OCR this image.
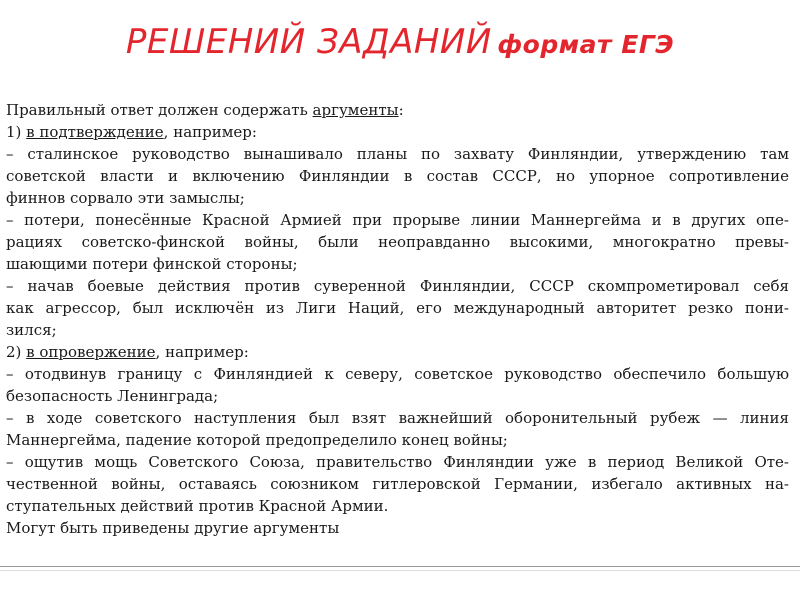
РЕШЕНИЙ ЗАДАНИЙ формат ЕГЭ
Правильный ответ должен содержать аргументы:
1) в подтверждение, например:
– сталинское руководство вынашивало планы по захвату Финляндии, утверждению там
советской власти и включению Финляндии в состав СССР, но упорное сопротивление
финнов сорвало эти замыслы;
– потери, понесённые Красной Армией при прорыве линии Маннергейма и в других опе-
рациях советско-финской войны, были неоправданно высокими, многократно превы-
шающими потери финской стороны;
– начав боевые действия против суверенной Финляндии, СССР скомпрометировал себя
как агрессор, был исключён из Лиги Наций, его международный авторитет резко пони-
зился;
2) в опровержение, например:
– отодвинув границу с Финляндией к северу, советское руководство обеспечило большую
безопасность Ленинграда;
– в ходе советского наступления был взят важнейший оборонительный рубеж — линия
Маннергейма, падение которой предопределило конец войны;
– ощутив мощь Советского Союза, правительство Финляндии уже в период Великой Оте-
чественной войны, оставаясь союзником гитлеровской Германии, избегало активных на-
ступательных действий против Красной Армии.
Могут быть приведены другие аргументы
